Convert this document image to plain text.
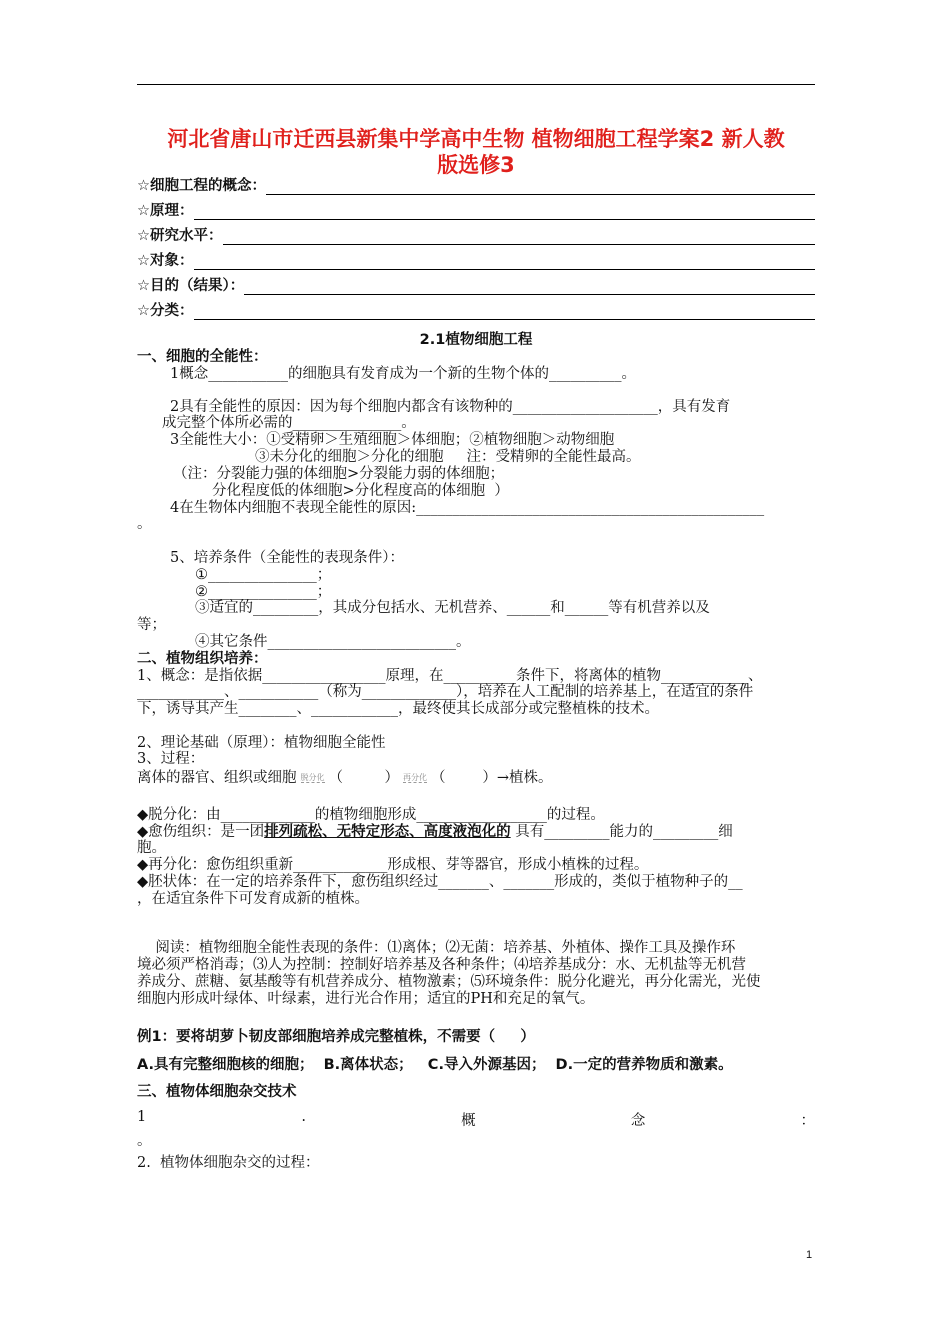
河北省唐山市迁西县新集中学高中生物 植物细胞工程学案2 新人教
版选修3
☆细胞工程的概念：
☆原理：
☆研究水平：
☆对象：
☆目的（结果）：
☆分类：
2.1植物细胞工程
一、细胞的全能性：
1概念___________的细胞具有发育成为一个新的生物个体的__________。
2具有全能性的原因：因为每个细胞内都含有该物种的____________________，具有发育
成完整个体所必需的_______________。
3全能性大小：①受精卵＞生殖细胞＞体细胞；②植物细胞＞动物细胞
③未分化的细胞＞分化的细胞     注：受精卵的全能性最高。
（注：分裂能力强的体细胞>分裂能力弱的体细胞；
分化程度低的体细胞>分化程度高的体细胞  ）
4在生物体内细胞不表现全能性的原因:________________________________________________
。
5、培养条件（全能性的表现条件）：
①_______________；
②_______________；
③适宜的_________，其成分包括水、无机营养、______和______等有机营养以及
等；
④其它条件__________________________。
二、植物组织培养：
1、概念：是指依据_________________原理，在__________条件下，将离体的植物____________、
____________、___________（称为_____________），培养在人工配制的培养基上，在适宜的条件
下，诱导其产生________、____________，最终使其长成部分或完整植株的技术。
2、理论基础（原理）：植物细胞全能性
3、过程：
离体的器官、组织或细胞 脱分化 （         ） 再分化 （        ）→植株。
◆脱分化：由_____________的植物细胞形成__________________的过程。
◆愈伤组织：是一团排列疏松、无特定形态、高度液泡化的 具有_________能力的_________细
胞。
◆再分化：愈伤组织重新_____________形成根、芽等器官，形成小植株的过程。
◆胚状体：在一定的培养条件下，愈伤组织经过_______、_______形成的，类似于植物种子的__
，在适宜条件下可发育成新的植株。
阅读：植物细胞全能性表现的条件：⑴离体；⑵无菌：培养基、外植体、操作工具及操作环
境必须严格消毒；⑶人为控制：控制好培养基及各种条件；⑷培养基成分：水、无机盐等无机营
养成分、蔗糖、氨基酸等有机营养成分、植物激素；⑸环境条件：脱分化避光，再分化需光，光使
细胞内形成叶绿体、叶绿素，进行光合作用；适宜的PH和充足的氧气。
例1：要将胡萝卜韧皮部细胞培养成完整植株，不需要（     ）
A.具有完整细胞核的细胞；  B.离体状态；   C.导入外源基因；  D.一定的营养物质和激素。
三、植物体细胞杂交技术
1	.	概	念	：
。
2.  植物体细胞杂交的过程：
1
